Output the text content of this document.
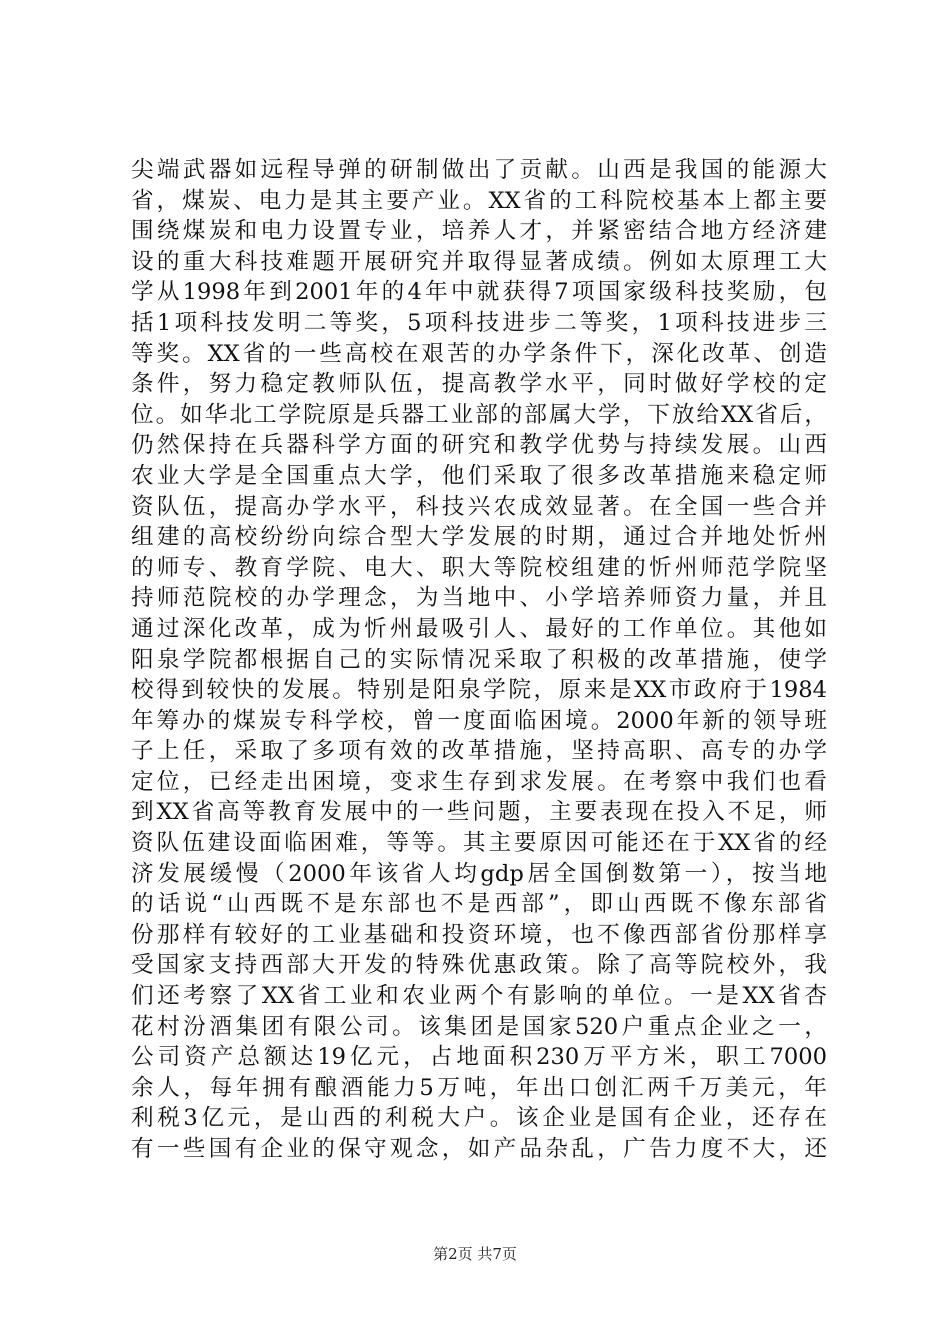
尖端武器如远程导弹的研制做出了贡献。山西是我国的能源大
省，煤炭、电力是其主要产业。XX省的工科院校基本上都主要
围绕煤炭和电力设置专业，培养人才，并紧密结合地方经济建
设的重大科技难题开展研究并取得显著成绩。例如太原理工大
学从1998年到2001年的4年中就获得7项国家级科技奖励，包
括1项科技发明二等奖，5项科技进步二等奖，1项科技进步三
等奖。XX省的一些高校在艰苦的办学条件下，深化改革、创造
条件，努力稳定教师队伍，提高教学水平，同时做好学校的定
位。如华北工学院原是兵器工业部的部属大学，下放给XX省后，
仍然保持在兵器科学方面的研究和教学优势与持续发展。山西
农业大学是全国重点大学，他们采取了很多改革措施来稳定师
资队伍，提高办学水平，科技兴农成效显著。在全国一些合并
组建的高校纷纷向综合型大学发展的时期，通过合并地处忻州
的师专、教育学院、电大、职大等院校组建的忻州师范学院坚
持师范院校的办学理念，为当地中、小学培养师资力量，并且
通过深化改革，成为忻州最吸引人、最好的工作单位。其他如
阳泉学院都根据自己的实际情况采取了积极的改革措施，使学
校得到较快的发展。特别是阳泉学院，原来是XX市政府于1984
年筹办的煤炭专科学校，曾一度面临困境。2000年新的领导班
子上任，采取了多项有效的改革措施，坚持高职、高专的办学
定位，已经走出困境，变求生存到求发展。在考察中我们也看
到XX省高等教育发展中的一些问题，主要表现在投入不足，师
资队伍建设面临困难，等等。其主要原因可能还在于XX省的经
济发展缓慢（2000年该省人均gdp居全国倒数第一），按当地
的话说“山西既不是东部也不是西部”，即山西既不像东部省
份那样有较好的工业基础和投资环境，也不像西部省份那样享
受国家支持西部大开发的特殊优惠政策。除了高等院校外，我
们还考察了XX省工业和农业两个有影响的单位。一是XX省杏
花村汾酒集团有限公司。该集团是国家520户重点企业之一，
公司资产总额达19亿元，占地面积230万平方米，职工7000
余人，每年拥有酿酒能力5万吨，年出口创汇两千万美元，年
利税3亿元，是山西的利税大户。该企业是国有企业，还存在
有一些国有企业的保守观念，如产品杂乱，广告力度不大，还
第2页 共7页
